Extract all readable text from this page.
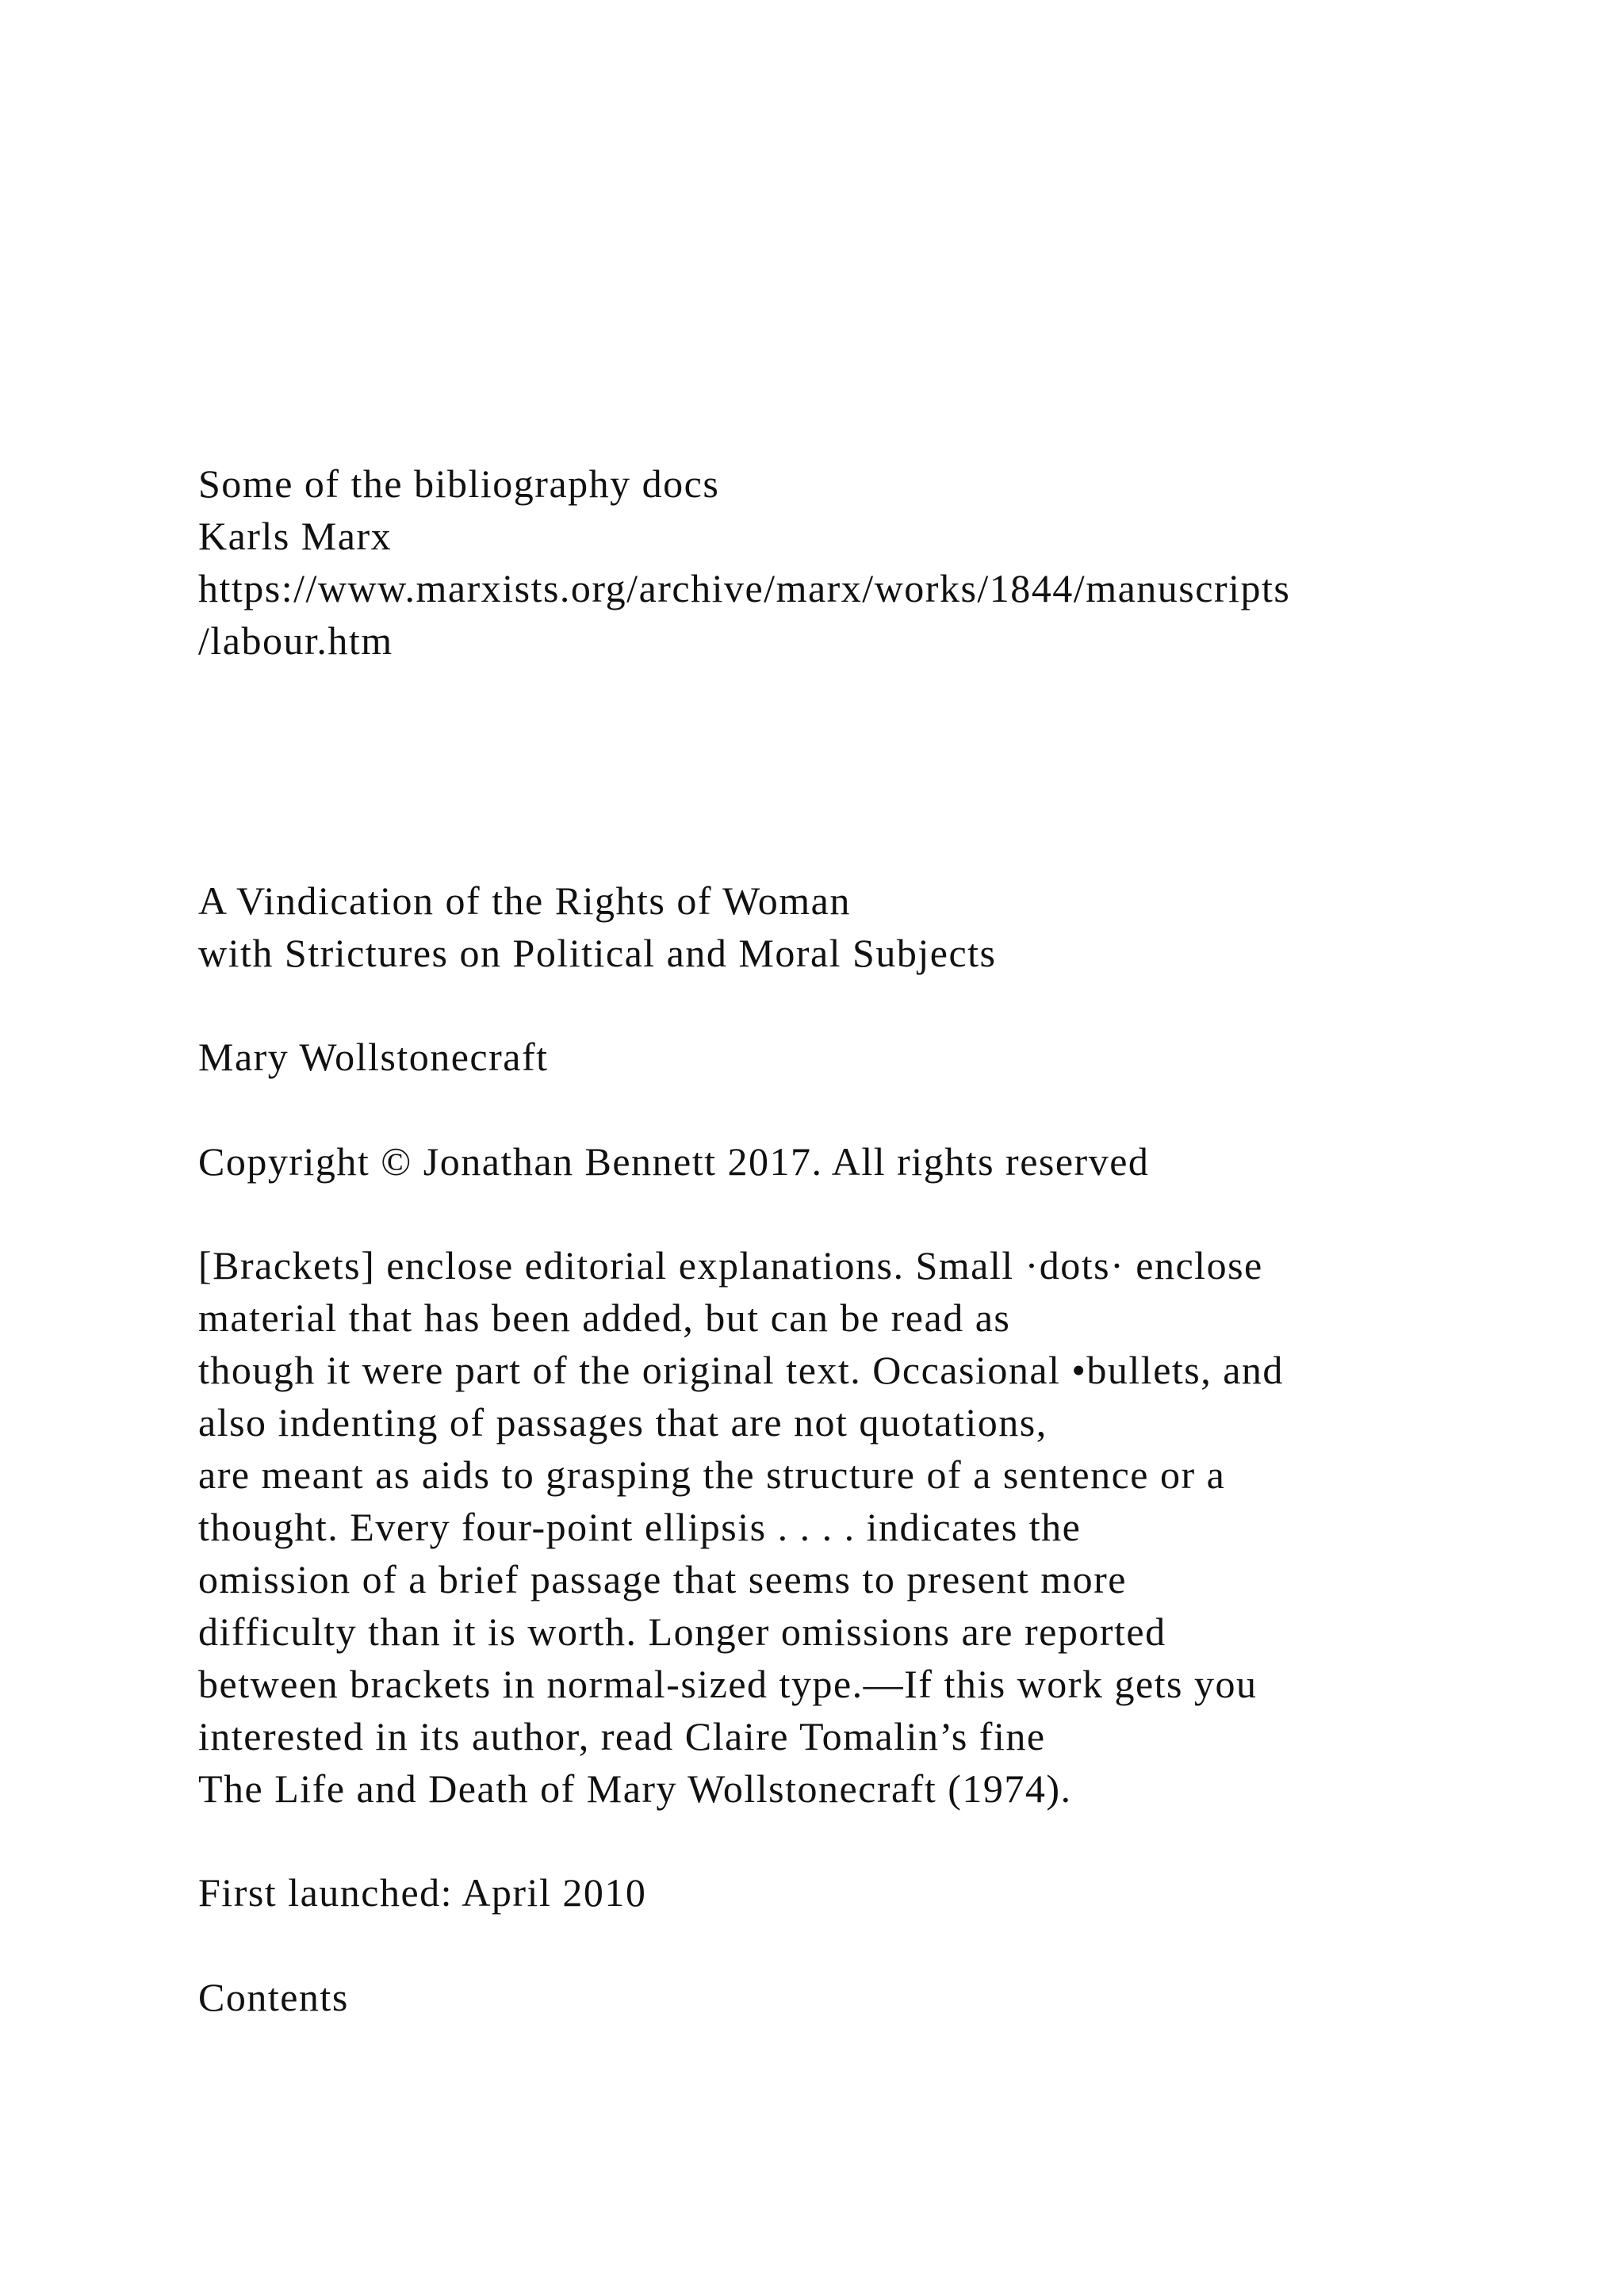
Some of the bibliography docs

Karls Marx

https://www.marxists.org/archive/marx/works/1844/manuscripts

/labour.htm

A Vindication of the Rights of Woman

with Strictures on Political and Moral Subjects

Mary Wollstonecraft

Copyright © Jonathan Bennett 2017. All rights reserved

[Brackets] enclose editorial explanations. Small ·dots· enclose

material that has been added, but can be read as

though it were part of the original text. Occasional •bullets, and

also indenting of passages that are not quotations,

are meant as aids to grasping the structure of a sentence or a

thought. Every four-point ellipsis . . . . indicates the

omission of a brief passage that seems to present more

difficulty than it is worth. Longer omissions are reported

between brackets in normal-sized type.—If this work gets you

interested in its author, read Claire Tomalin’s fine

The Life and Death of Mary Wollstonecraft (1974).

First launched: April 2010

Contents
